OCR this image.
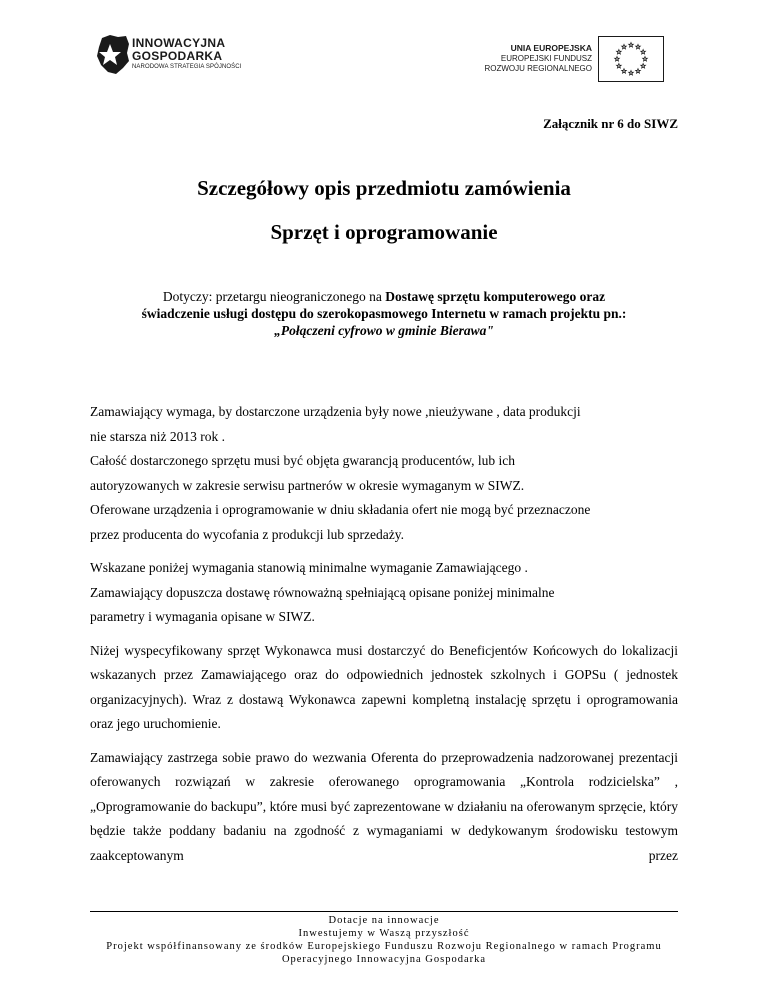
INNOWACYJNA
GOSPODARKA
NARODOWA STRATEGIA SPÓJNOŚCI
UNIA EUROPEJSKA
EUROPEJSKI FUNDUSZ
ROZWOJU REGIONALNEGO
Załącznik nr 6 do SIWZ
Szczegółowy opis przedmiotu zamówienia
Sprzęt i oprogramowanie
Dotyczy: przetargu nieograniczonego na Dostawę sprzętu komputerowego oraz
świadczenie usługi dostępu do szerokopasmowego Internetu w ramach projektu pn.:
„Połączeni cyfrowo w gminie Bierawa"

Zamawiający wymaga, by dostarczone urządzenia były nowe ,nieużywane , data produkcji

nie starsza niż 2013 rok .

Całość dostarczonego sprzętu musi być objęta gwarancją producentów, lub ich

autoryzowanych w zakresie serwisu partnerów w okresie wymaganym w SIWZ.

Oferowane urządzenia i oprogramowanie w dniu składania ofert nie mogą być przeznaczone

przez producenta do wycofania z produkcji lub sprzedaży.

Wskazane poniżej wymagania stanowią minimalne wymaganie Zamawiającego .

Zamawiający dopuszcza dostawę równoważną spełniającą opisane poniżej minimalne

parametry i wymagania opisane w SIWZ.

Niżej wyspecyfikowany sprzęt Wykonawca musi dostarczyć do Beneficjentów Końcowych do lokalizacji wskazanych przez Zamawiającego oraz do odpowiednich jednostek szkolnych i GOPSu ( jednostek organizacyjnych). Wraz z dostawą Wykonawca zapewni kompletną instalację sprzętu i oprogramowania oraz jego uruchomienie.

Zamawiający zastrzega sobie prawo do wezwania Oferenta do przeprowadzenia nadzorowanej prezentacji oferowanych rozwiązań w zakresie oferowanego oprogramowania „Kontrola rodzicielska” , „Oprogramowanie do backupu”, które musi być zaprezentowane w działaniu na oferowanym sprzęcie, który będzie także poddany badaniu na zgodność z wymaganiami w dedykowanym środowisku testowym zaakceptowanym przez

Dotacje na innowacje
Inwestujemy w Waszą przyszłość
Projekt współfinansowany ze środków Europejskiego Funduszu Rozwoju Regionalnego w ramach Programu
Operacyjnego Innowacyjna Gospodarka
